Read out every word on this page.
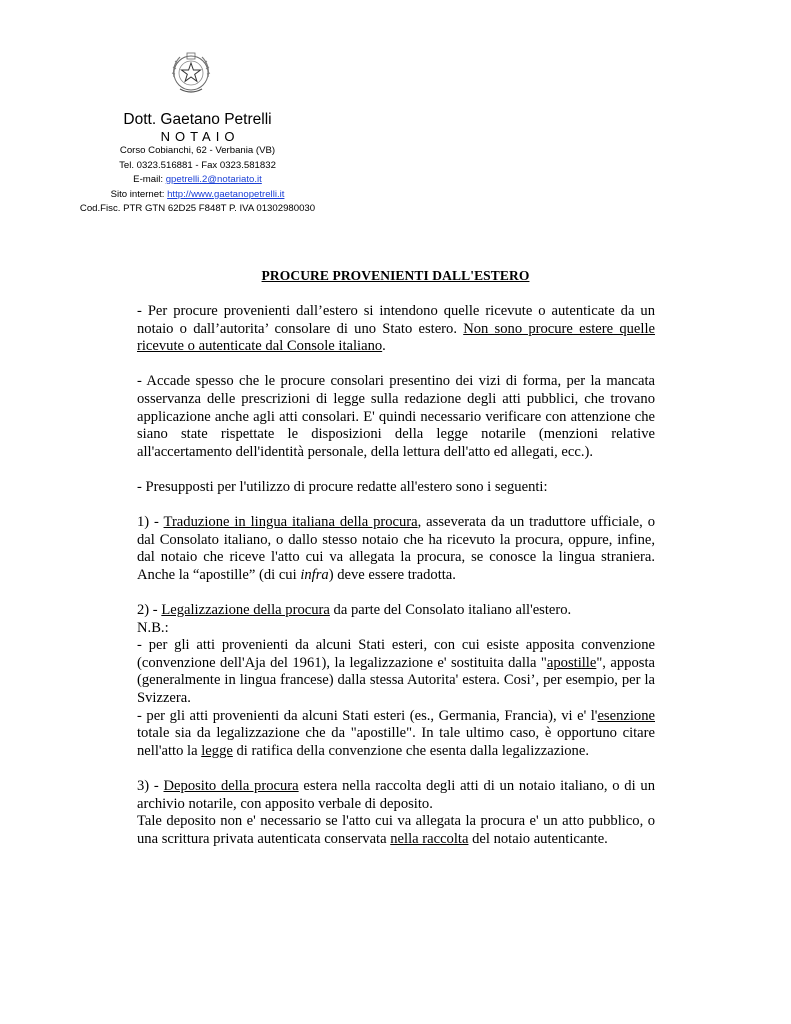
Dott. Gaetano Petrelli
NOTAIO
Corso Cobianchi, 62 - Verbania (VB)
Tel. 0323.516881 - Fax 0323.581832
E-mail: gpetrelli.2@notariato.it
Sito internet: http://www.gaetanopetrelli.it
Cod.Fisc. PTR GTN 62D25 F848T P. IVA 01302980030
PROCURE PROVENIENTI DALL'ESTERO

- Per procure provenienti dall’estero si intendono quelle ricevute o autenticate da un notaio o dall’autorita’ consolare di uno Stato estero. Non sono procure estere quelle ricevute o autenticate dal Console italiano.

- Accade spesso che le procure consolari presentino dei vizi di forma, per la mancata osservanza delle prescrizioni di legge sulla redazione degli atti pubblici, che trovano applicazione anche agli atti consolari. E' quindi necessario verificare con attenzione che siano state rispettate le disposizioni della legge notarile (menzioni relative all'accertamento dell'identità personale, della lettura dell'atto ed allegati, ecc.).

- Presupposti per l'utilizzo di procure redatte all'estero sono i seguenti:

1) - Traduzione in lingua italiana della procura, asseverata da un traduttore ufficiale, o dal Consolato italiano, o dallo stesso notaio che ha ricevuto la procura, oppure, infine, dal notaio che riceve l'atto cui va allegata la procura, se conosce la lingua straniera. Anche la “apostille” (di cui infra) deve essere tradotta.

2) - Legalizzazione della procura da parte del Consolato italiano all'estero.
N.B.:
- per gli atti provenienti da alcuni Stati esteri, con cui esiste apposita convenzione (convenzione dell'Aja del 1961), la legalizzazione e' sostituita dalla "apostille", apposta (generalmente in lingua francese) dalla stessa Autorita' estera. Cosi’, per esempio, per la Svizzera.
- per gli atti provenienti da alcuni Stati esteri (es., Germania, Francia), vi e' l'esenzione totale sia da legalizzazione che da "apostille". In tale ultimo caso, è opportuno citare nell'atto la legge di ratifica della convenzione che esenta dalla legalizzazione.

3) - Deposito della procura estera nella raccolta degli atti di un notaio italiano, o di un archivio notarile, con apposito verbale di deposito.
Tale deposito non e' necessario se l'atto cui va allegata la procura e' un atto pubblico, o una scrittura privata autenticata conservata nella raccolta del notaio autenticante.
